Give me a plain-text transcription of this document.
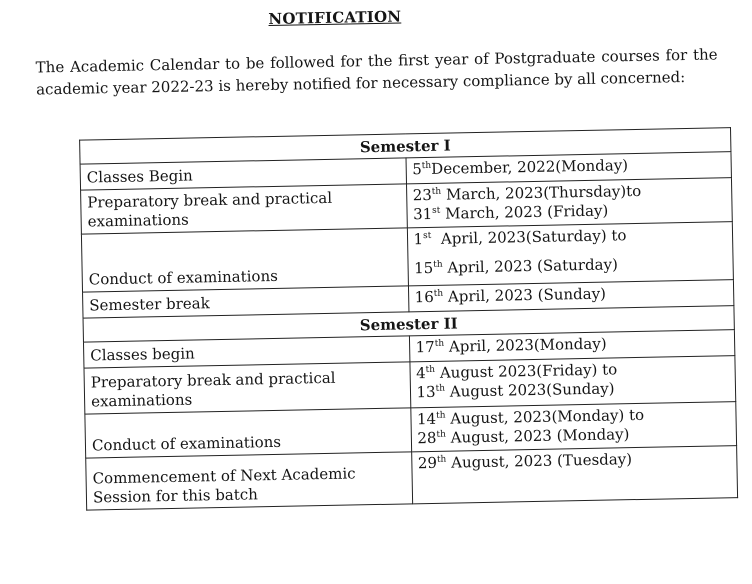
NOTIFICATION
The Academic Calendar to be followed for the first year of Postgraduate courses for the
academic year 2022-23 is hereby notified for necessary compliance by all concerned:
Semester I	
Classes Begin	5thDecember, 2022(Monday)

Preparatory break and practical examinations	23th March, 2023(Thursday)to
31st March, 2023 (Friday)

Conduct of examinations	1st  April, 2023(Saturday) to
15th April, 2023 (Saturday)

Semester break	16th April, 2023 (Sunday)

Semester II	
Classes begin	17th April, 2023(Monday)

Preparatory break and practical examinations	4th August 2023(Friday) to
13th August 2023(Sunday)

Conduct of examinations	14th August, 2023(Monday) to
28th August, 2023 (Monday)

Commencement of Next Academic Session for this batch	29th August, 2023 (Tuesday)
